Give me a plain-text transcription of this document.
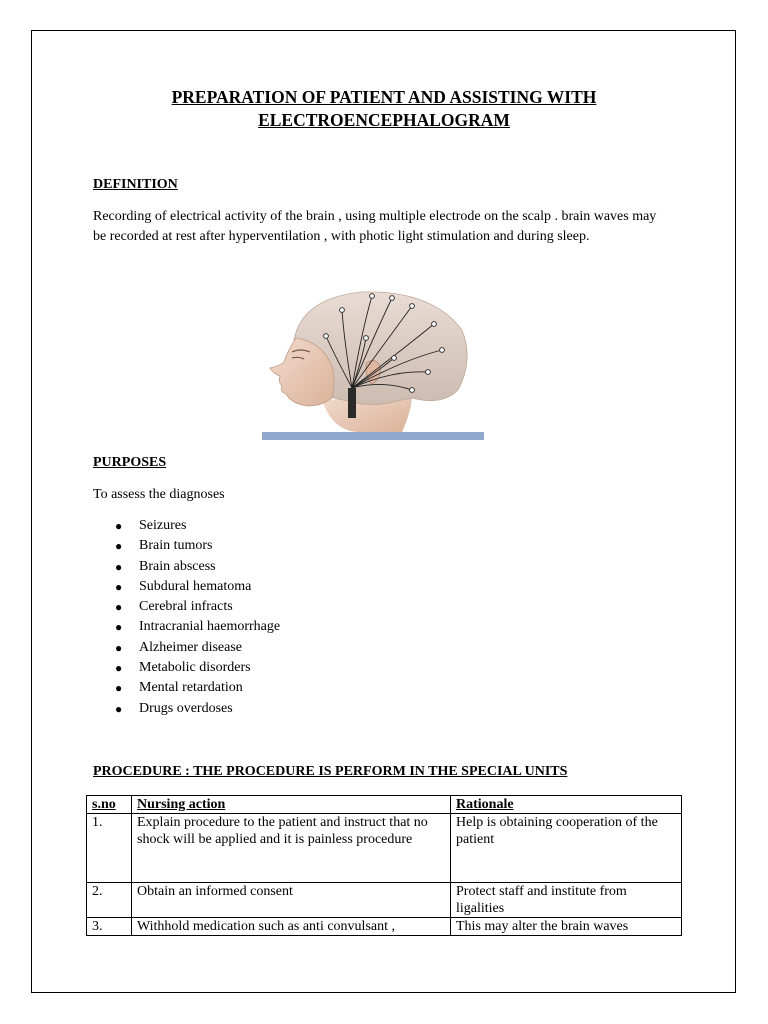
PREPARATION OF PATIENT AND ASSISTING WITH
ELECTROENCEPHALOGRAM
DEFINITION
Recording of electrical activity of the brain , using multiple electrode on the scalp . brain waves may be recorded at rest after hyperventilation , with photic light stimulation and during sleep.
PURPOSES
To assess the diagnoses
● Seizures
● Brain tumors
● Brain abscess
● Subdural hematoma
● Cerebral infracts
● Intracranial haemorrhage
● Alzheimer disease
● Metabolic disorders
● Mental retardation
● Drugs overdoses
PROCEDURE : THE PROCEDURE IS PERFORM IN THE SPECIAL UNITS
s.no	Nursing action	Rationale
1.	Explain procedure to the patient and instruct that no shock will be applied and it is painless procedure	Help is obtaining cooperation of the patient
2.	Obtain an informed consent	Protect staff and institute from ligalities
3.	Withhold medication such as anti convulsant ,	This may alter the brain waves
